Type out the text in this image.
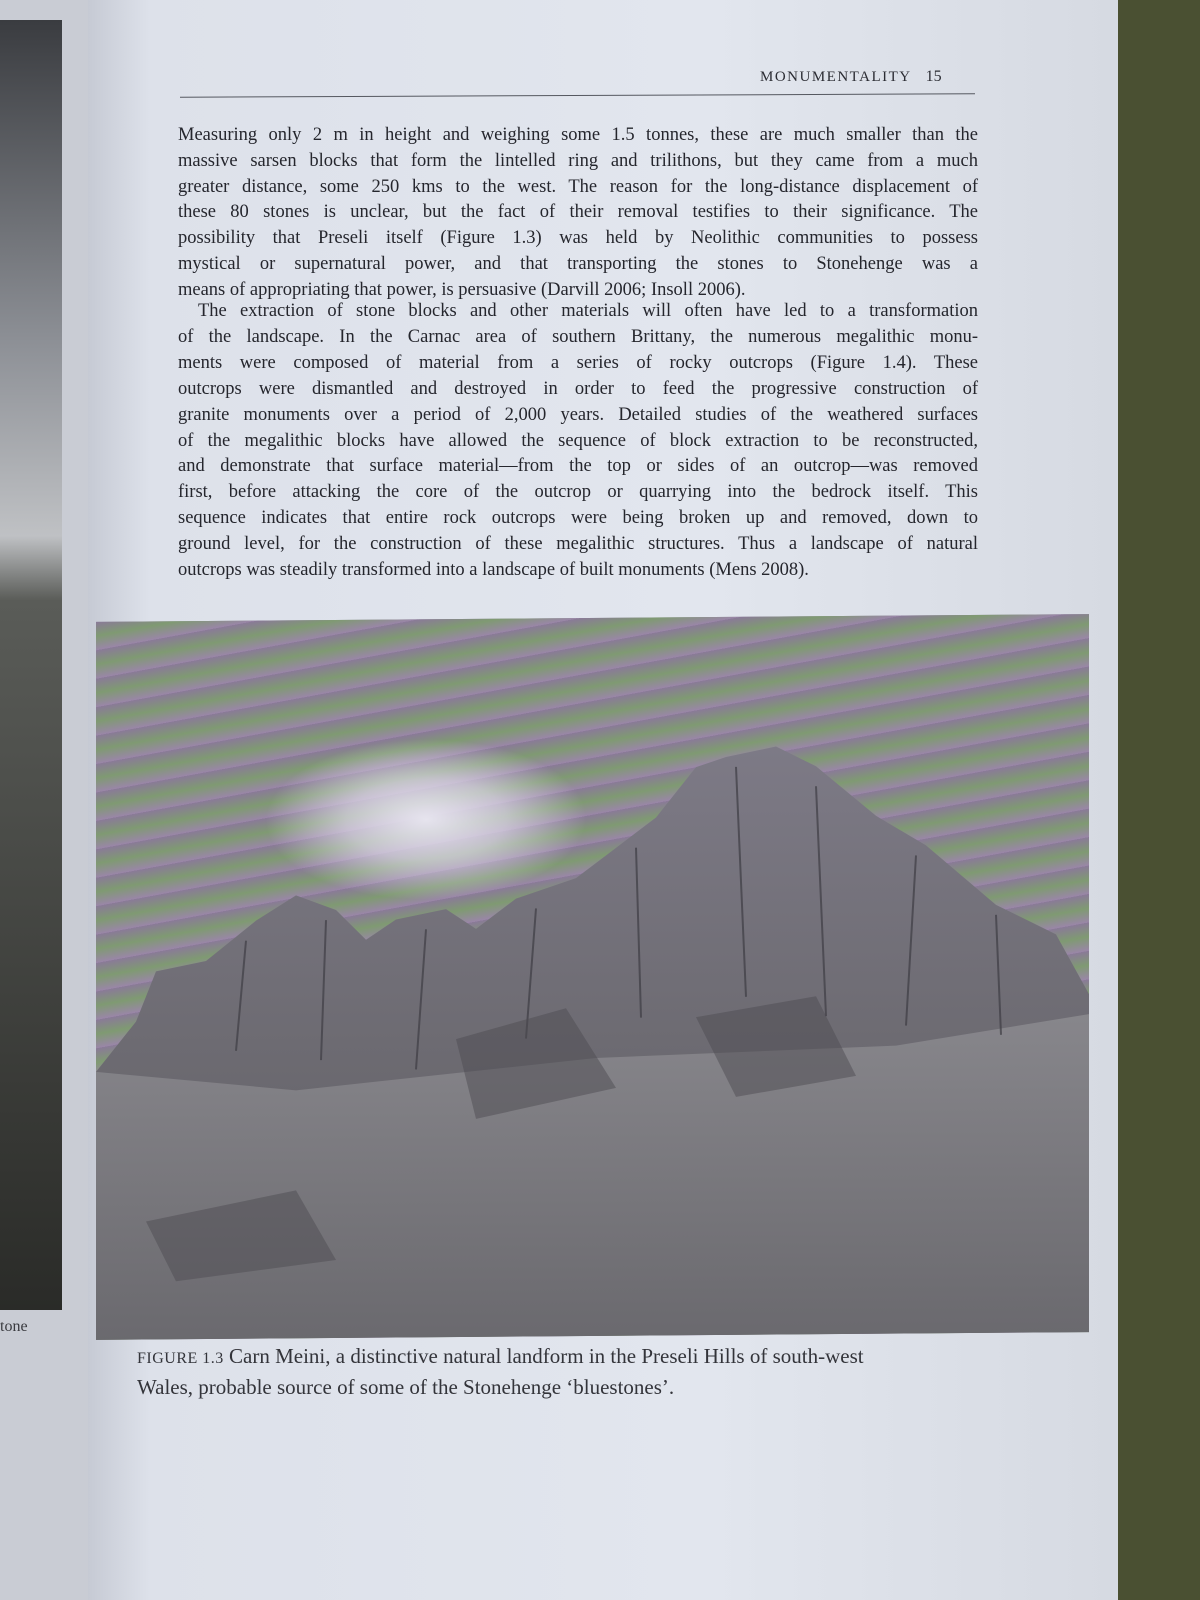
tone
MONUMENTALITY 15
Measuring only 2 m in height and weighing some 1.5 tonnes, these are much smaller than the
massive sarsen blocks that form the lintelled ring and trilithons, but they came from a much
greater distance, some 250 kms to the west. The reason for the long-distance displacement of
these 80 stones is unclear, but the fact of their removal testifies to their significance. The
possibility that Preseli itself (Figure 1.3) was held by Neolithic communities to possess
mystical or supernatural power, and that transporting the stones to Stonehenge was a
means of appropriating that power, is persuasive (Darvill 2006; Insoll 2006).
The extraction of stone blocks and other materials will often have led to a transformation
of the landscape. In the Carnac area of southern Brittany, the numerous megalithic monu-
ments were composed of material from a series of rocky outcrops (Figure 1.4). These
outcrops were dismantled and destroyed in order to feed the progressive construction of
granite monuments over a period of 2,000 years. Detailed studies of the weathered surfaces
of the megalithic blocks have allowed the sequence of block extraction to be reconstructed,
and demonstrate that surface material—from the top or sides of an outcrop—was removed
first, before attacking the core of the outcrop or quarrying into the bedrock itself. This
sequence indicates that entire rock outcrops were being broken up and removed, down to
ground level, for the construction of these megalithic structures. Thus a landscape of natural
outcrops was steadily transformed into a landscape of built monuments (Mens 2008).
FIGURE 1.3 Carn Meini, a distinctive natural landform in the Preseli Hills of south-west
Wales, probable source of some of the Stonehenge ‘bluestones’.
